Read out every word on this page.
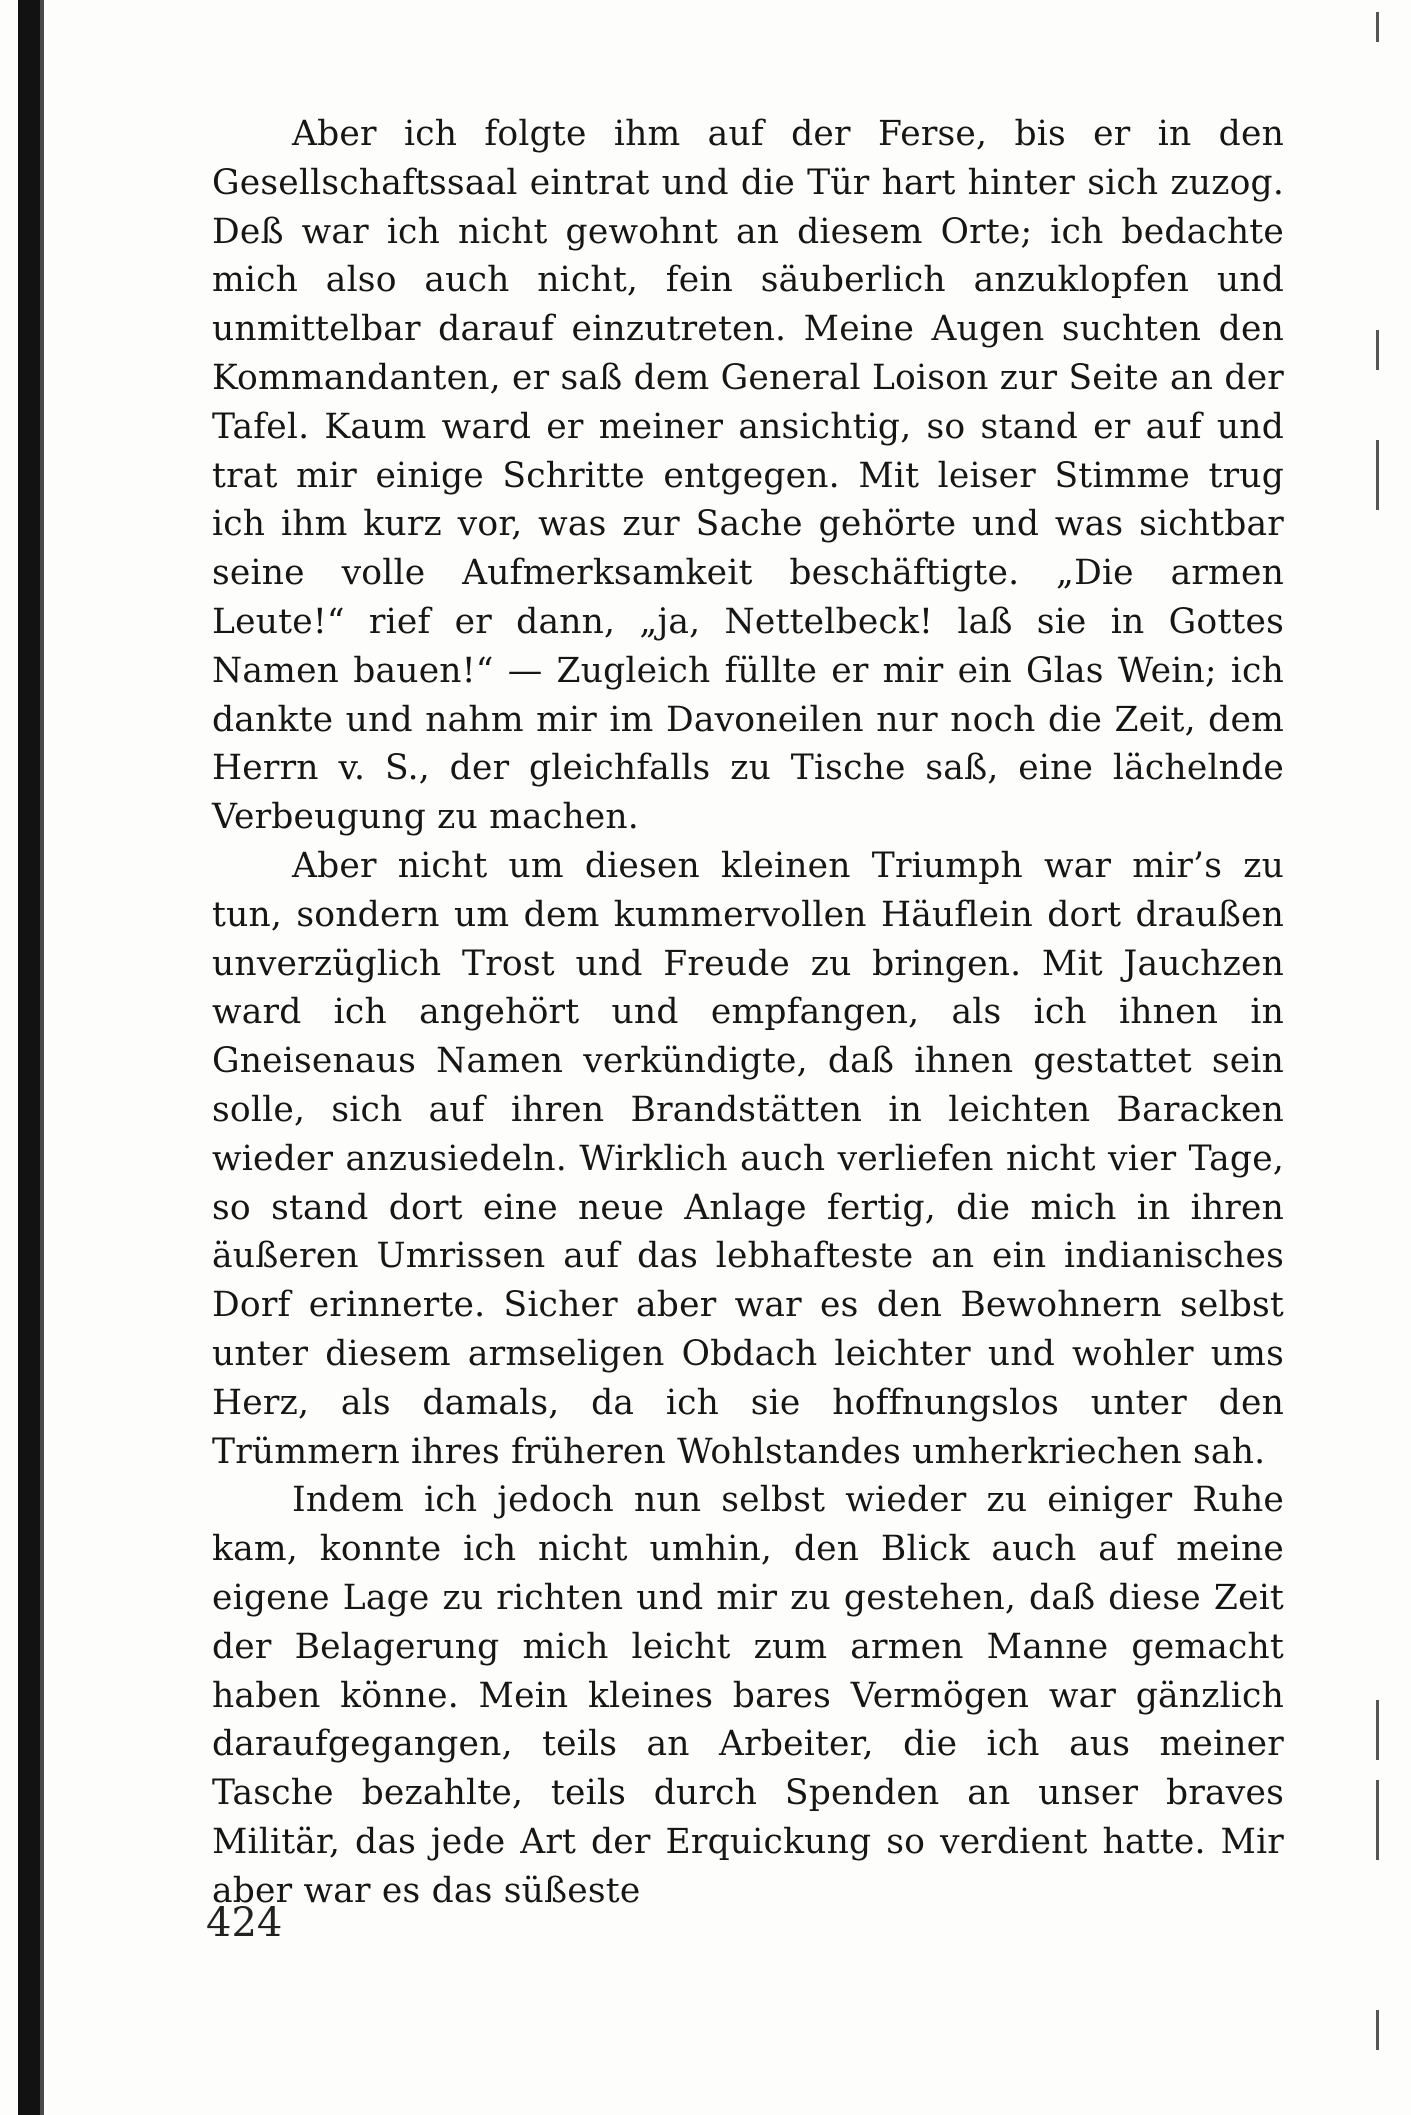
Aber ich folgte ihm auf der Ferse, bis er in den Gesellschaftssaal eintrat und die Tür hart hinter sich zuzog. Deß war ich nicht gewohnt an diesem Orte; ich bedachte mich also auch nicht, fein säuberlich anzuklopfen und unmittelbar darauf einzutreten. Meine Augen suchten den Kommandanten, er saß dem General Loison zur Seite an der Tafel. Kaum ward er meiner ansichtig, so stand er auf und trat mir einige Schritte entgegen. Mit leiser Stimme trug ich ihm kurz vor, was zur Sache gehörte und was sichtbar seine volle Aufmerksamkeit beschäftigte. „Die armen Leute!“ rief er dann, „ja, Nettelbeck! laß sie in Gottes Namen bauen!“ — Zugleich füllte er mir ein Glas Wein; ich dankte und nahm mir im Davoneilen nur noch die Zeit, dem Herrn v. S., der gleichfalls zu Tische saß, eine lächelnde Verbeugung zu machen.

Aber nicht um diesen kleinen Triumph war mir’s zu tun, sondern um dem kummervollen Häuflein dort draußen unverzüglich Trost und Freude zu bringen. Mit Jauchzen ward ich angehört und empfangen, als ich ihnen in Gneisenaus Namen verkündigte, daß ihnen gestattet sein solle, sich auf ihren Brandstätten in leichten Baracken wieder anzusiedeln. Wirklich auch verliefen nicht vier Tage, so stand dort eine neue Anlage fertig, die mich in ihren äußeren Umrissen auf das lebhafteste an ein indianisches Dorf erinnerte. Sicher aber war es den Bewohnern selbst unter diesem armseligen Obdach leichter und wohler ums Herz, als damals, da ich sie hoffnungslos unter den Trümmern ihres früheren Wohlstandes umherkriechen sah.

Indem ich jedoch nun selbst wieder zu einiger Ruhe kam, konnte ich nicht umhin, den Blick auch auf meine eigene Lage zu richten und mir zu gestehen, daß diese Zeit der Belagerung mich leicht zum armen Manne gemacht haben könne. Mein kleines bares Vermögen war gänzlich daraufgegangen, teils an Arbeiter, die ich aus meiner Tasche bezahlte, teils durch Spenden an unser braves Militär, das jede Art der Erquickung so verdient hatte. Mir aber war es das süßeste

424
